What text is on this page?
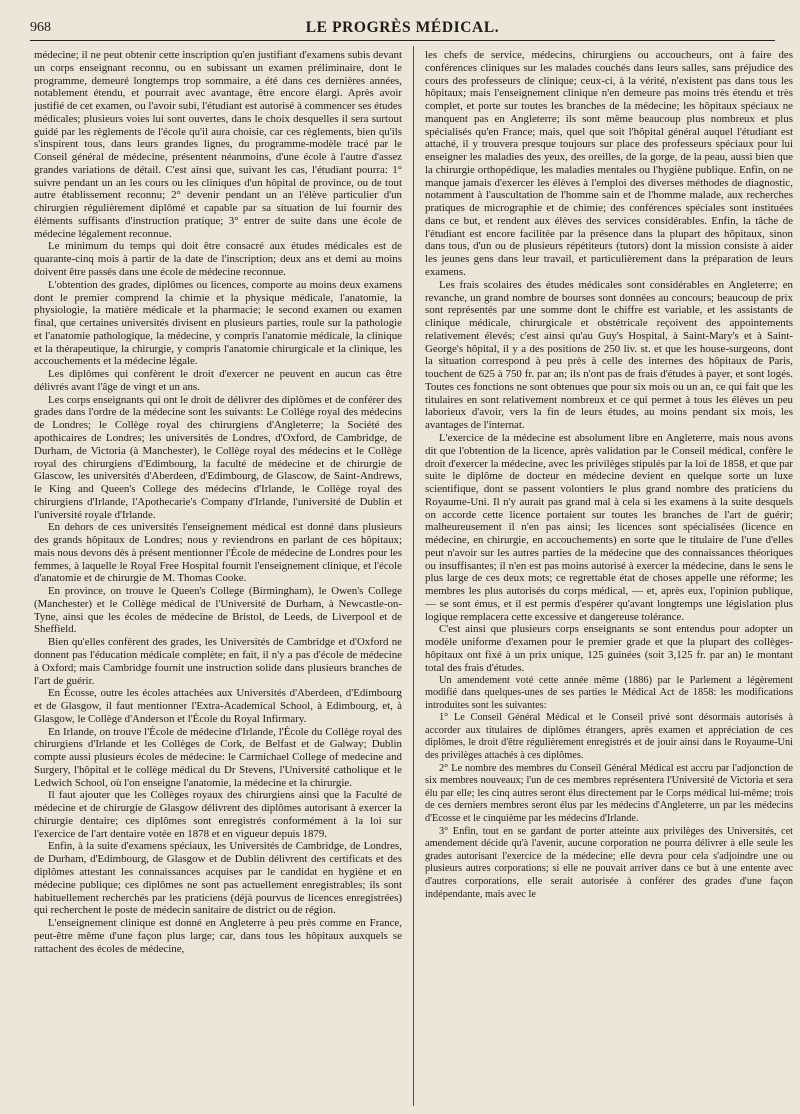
968	LE PROGRÈS MÉDICAL.

médecine; il ne peut obtenir cette inscription qu'en justifiant d'examens subis devant un corps enseignant reconnu, ou en subissant un examen préliminaire, dont le programme, demeuré longtemps trop sommaire, a été dans ces dernières années, notablement étendu, et pourrait avec avantage, être encore élargi. Après avoir justifié de cet examen, ou l'avoir subi, l'étudiant est autorisé à commencer ses études médicales; plusieurs voies lui sont ouvertes, dans le choix desquelles il sera surtout guidé par les règlements de l'école qu'il aura choisie, car ces règlements, bien qu'ils s'inspirent tous, dans leurs grandes lignes, du programme-modèle tracé par le Conseil général de médecine, présentent néanmoins, d'une école à l'autre d'assez grandes variations de détail. C'est ainsi que, suivant les cas, l'étudiant pourra: 1° suivre pendant un an les cours ou les cliniques d'un hôpital de province, ou de tout autre établissement reconnu; 2° devenir pendant un an l'élève particulier d'un chirurgien régulièrement diplômé et capable par sa situation de lui fournir des éléments suffisants d'instruction pratique; 3° entrer de suite dans une école de médecine légalement reconnue.

Le minimum du temps qui doit être consacré aux études médicales est de quarante-cinq mois à partir de la date de l'inscription; deux ans et demi au moins doivent être passés dans une école de médecine reconnue.

L'obtention des grades, diplômes ou licences, comporte au moins deux examens dont le premier comprend la chimie et la physique médicale, l'anatomie, la physiologie, la matière médicale et la pharmacie; le second examen ou examen final, que certaines universités divisent en plusieurs parties, roule sur la pathologie et l'anatomie pathologique, la médecine, y compris l'anatomie médicale, la clinique et la thérapeutique, la chirurgie, y compris l'anatomie chirurgicale et la clinique, les accouchements et la médecine légale.

Les diplômes qui confèrent le droit d'exercer ne peuvent en aucun cas être délivrés avant l'âge de vingt et un ans.

Les corps enseignants qui ont le droit de délivrer des diplômes et de conférer des grades dans l'ordre de la médecine sont les suivants: Le Collège royal des médecins de Londres; le Collège royal des chirurgiens d'Angleterre; la Société des apothicaires de Londres; les universités de Londres, d'Oxford, de Cambridge, de Durham, de Victoria (à Manchester), le Collège royal des médecins et le Collège royal des chirurgiens d'Edimbourg, la faculté de médecine et de chirurgie de Glascow, les universités d'Aberdeen, d'Edimbourg, de Glascow, de Saint-Andrews, le King and Queen's College des médecins d'Irlande, le Collège royal des chirurgiens d'Irlande, l'Apothecarie's Company d'Irlande, l'université de Dublin et l'université royale d'Irlande.

En dehors de ces universités l'enseignement médical est donné dans plusieurs des grands hôpitaux de Londres; nous y reviendrons en parlant de ces hôpitaux; mais nous devons dès à présent mentionner l'École de médecine de Londres pour les femmes, à laquelle le Royal Free Hospital fournit l'enseignement clinique, et l'école d'anatomie et de chirurgie de M. Thomas Cooke.

En province, on trouve le Queen's College (Birmingham), le Owen's College (Manchester) et le Collège médical de l'Université de Durham, à Newcastle-on-Tyne, ainsi que les écoles de médecine de Bristol, de Leeds, de Liverpool et de Sheffield.

Bien qu'elles confèrent des grades, les Universités de Cambridge et d'Oxford ne donnent pas l'éducation médicale complète; en fait, il n'y a pas d'école de médecine à Oxford; mais Cambridge fournit une instruction solide dans plusieurs branches de l'art de guérir.

En Écosse, outre les écoles attachées aux Universités d'Aberdeen, d'Edimbourg et de Glasgow, il faut mentionner l'Extra-Academical School, à Edimbourg, et, à Glasgow, le Collège d'Anderson et l'École du Royal Infirmary.

En Irlande, on trouve l'École de médecine d'Irlande, l'École du Collège royal des chirurgiens d'Irlande et les Collèges de Cork, de Belfast et de Galway; Dublin compte aussi plusieurs écoles de médecine: le Carmichael College of medecine and Surgery, l'hôpital et le collège médical du Dr Stevens, l'Université catholique et le Ledwich School, où l'on enseigne l'anatomie, la médecine et la chirurgie.

Il faut ajouter que les Collèges royaux des chirurgiens ainsi que la Faculté de médecine et de chirurgie de Glasgow délivrent des diplômes autorisant à exercer la chirurgie dentaire; ces diplômes sont enregistrés conformément à la loi sur l'exercice de l'art dentaire votée en 1878 et en vigueur depuis 1879.

Enfin, à la suite d'examens spéciaux, les Universités de Cambridge, de Londres, de Durham, d'Edimbourg, de Glasgow et de Dublin délivrent des certificats et des diplômes attestant les connaissances acquises par le candidat en hygiène et en médecine publique; ces diplômes ne sont pas actuellement enregistrables; ils sont habituellement recherchés par les praticiens (déjà pourvus de licences enregistrées) qui recherchent le poste de médecin sanitaire de district ou de région.

L'enseignement clinique est donné en Angleterre à peu près comme en France, peut-être même d'une façon plus large; car, dans tous les hôpitaux auxquels se rattachent des écoles de médecine,

les chefs de service, médecins, chirurgiens ou accoucheurs, ont à faire des conférences cliniques sur les malades couchés dans leurs salles, sans préjudice des cours des professeurs de clinique; ceux-ci, à la vérité, n'existent pas dans tous les hôpitaux; mais l'enseignement clinique n'en demeure pas moins très étendu et très complet, et porte sur toutes les branches de la médecine; les hôpitaux spéciaux ne manquent pas en Angleterre; ils sont même beaucoup plus nombreux et plus spécialisés qu'en France; mais, quel que soit l'hôpital général auquel l'étudiant est attaché, il y trouvera presque toujours sur place des professeurs spéciaux pour lui enseigner les maladies des yeux, des oreilles, de la gorge, de la peau, aussi bien que la chirurgie orthopédique, les maladies mentales ou l'hygiène publique. Enfin, on ne manque jamais d'exercer les élèves à l'emploi des diverses méthodes de diagnostic, notamment à l'auscultation de l'homme sain et de l'homme malade, aux recherches pratiques de micrographie et de chimie; des conférences spéciales sont instituées dans ce but, et rendent aux élèves des services considérables. Enfin, la tâche de l'étudiant est encore facilitée par la présence dans la plupart des hôpitaux, sinon dans tous, d'un ou de plusieurs répétiteurs (tutors) dont la mission consiste à aider les jeunes gens dans leur travail, et particulièrement dans la préparation de leurs examens.

Les frais scolaires des études médicales sont considérables en Angleterre; en revanche, un grand nombre de bourses sont données au concours; beaucoup de prix sont représentés par une somme dont le chiffre est variable, et les assistants de clinique médicale, chirurgicale et obstétricale reçoivent des appointements relativement élevés; c'est ainsi qu'au Guy's Hospital, à Saint-Mary's et à Saint-George's hôpital, il y a des positions de 250 liv. st. et que les house-surgeons, dont la situation correspond à peu près à celle des internes des hôpitaux de Paris, touchent de 625 à 750 fr. par an; ils n'ont pas de frais d'études à payer, et sont logés. Toutes ces fonctions ne sont obtenues que pour six mois ou un an, ce qui fait que les titulaires en sont relativement nombreux et ce qui permet à tous les élèves un peu laborieux d'avoir, vers la fin de leurs études, au moins pendant six mois, les avantages de l'internat.

L'exercice de la médecine est absolument libre en Angleterre, mais nous avons dit que l'obtention de la licence, après validation par le Conseil médical, confère le droit d'exercer la médecine, avec les privilèges stipulés par la loi de 1858, et que par suite le diplôme de docteur en médecine devient en quelque sorte un luxe scientifique, dont se passent volontiers le plus grand nombre des praticiens du Royaume-Uni. Il n'y aurait pas grand mal à cela si les examens à la suite desquels on accorde cette licence portaient sur toutes les branches de l'art de guérir; malheureusement il n'en pas ainsi; les licences sont spécialisées (licence en médecine, en chirurgie, en accouchements) en sorte que le titulaire de l'une d'elles peut n'avoir sur les autres parties de la médecine que des connaissances théoriques ou insuffisantes; il n'en est pas moins autorisé à exercer la médecine, dans le sens le plus large de ces deux mots; ce regrettable état de choses appelle une réforme; les membres les plus autorisés du corps médical, — et, après eux, l'opinion publique, — se sont émus, et il est permis d'espérer qu'avant longtemps une législation plus logique remplacera cette excessive et dangereuse tolérance.

C'est ainsi que plusieurs corps enseignants se sont entendus pour adopter un modèle uniforme d'examen pour le premier grade et que la plupart des collèges-hôpitaux ont fixé à un prix unique, 125 guinées (soit 3,125 fr. par an) le montant total des frais d'études.

Un amendement voté cette année même (1886) par le Parlement a légèrement modifié dans quelques-unes de ses parties le Médical Act de 1858: les modifications introduites sont les suivantes:

1° Le Conseil Général Médical et le Conseil privé sont désormais autorisés à accorder aux titulaires de diplômes étrangers, après examen et appréciation de ces diplômes, le droit d'être régulièrement enregistrés et de jouir ainsi dans le Royaume-Uni des privilèges attachés à ces diplômes.

2° Le nombre des membres du Conseil Général Médical est accru par l'adjonction de six membres nouveaux; l'un de ces membres représentera l'Université de Victoria et sera élu par elle; les cinq autres seront élus directement par le Corps médical lui-même; trois de ces derniers membres seront élus par les médecins d'Angleterre, un par les médecins d'Ecosse et le cinquième par les médecins d'Irlande.

3° Enfin, tout en se gardant de porter atteinte aux privilèges des Universités, cet amendement décide qu'à l'avenir, aucune corporation ne pourra délivrer à elle seule les grades autorisant l'exercice de la médecine; elle devra pour cela s'adjoindre une ou plusieurs autres corporations; si elle ne pouvait arriver dans ce but à une entente avec d'autres corporations, elle serait autorisée à conférer des grades d'une façon indépendante, mais avec le
